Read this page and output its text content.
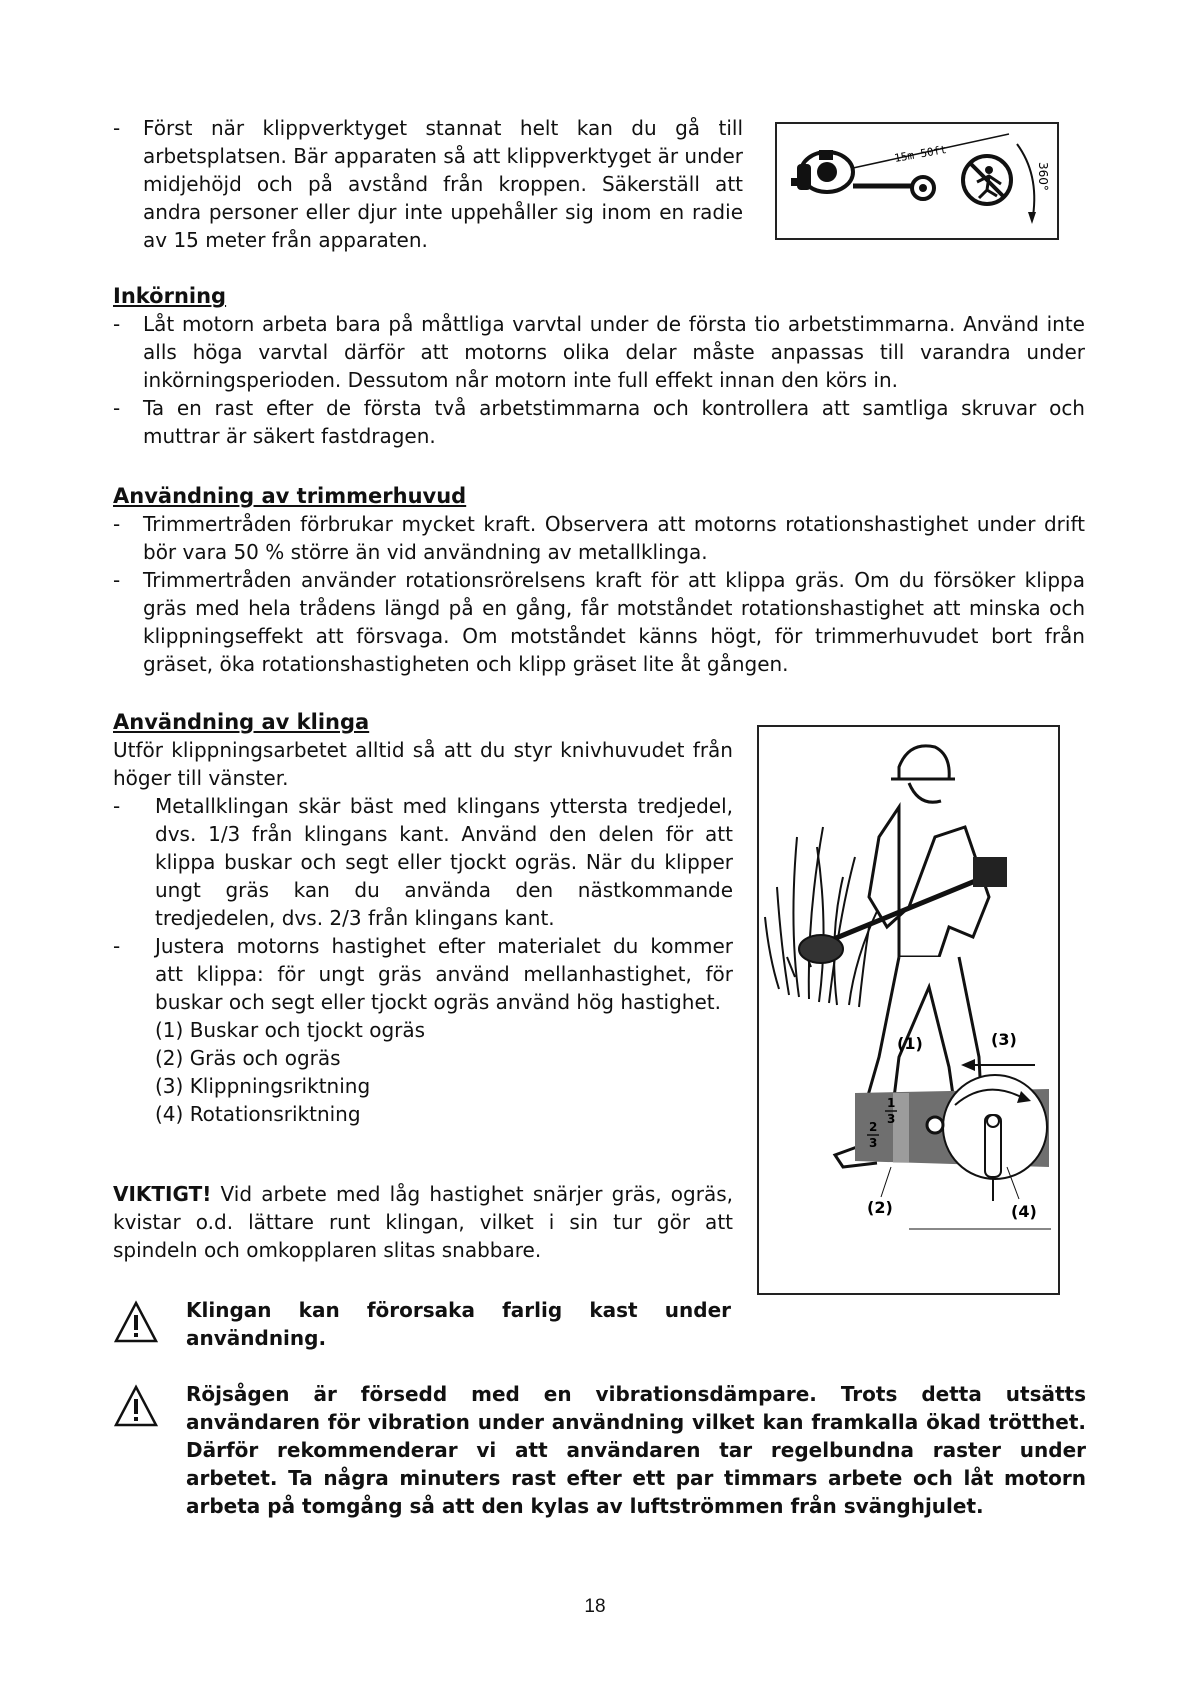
- Först när klippverktyget stannat helt kan du gå till arbetsplatsen. Bär apparaten så att klippverktyget är under midjehöjd och på avstånd från kroppen. Säkerställ att andra personer eller djur inte uppehåller sig inom en radie av 15 meter från apparaten.
15m 50ft
360°
Inkörning
- Låt motorn arbeta bara på måttliga varvtal under de första tio arbetstimmarna. Använd inte alls höga varvtal därför att motorns olika delar måste anpassas till varandra under inkörningsperioden. Dessutom når motorn inte full effekt innan den körs in.
- Ta en rast efter de första två arbetstimmarna och kontrollera att samtliga skruvar och muttrar är säkert fastdragen.
Användning av trimmerhuvud
- Trimmertråden förbrukar mycket kraft. Observera att motorns rotationshastighet under drift bör vara 50 % större än vid användning av metallklinga.
- Trimmertråden använder rotationsrörelsens kraft för att klippa gräs. Om du försöker klippa gräs med hela trådens längd på en gång, får motståndet rotationshastighet att minska och klippningseffekt att försvaga. Om motståndet känns högt, för trimmerhuvudet bort från gräset, öka rotationshastigheten och klipp gräset lite åt gången.
Användning av klinga

Utför klippningsarbetet alltid så att du styr knivhuvudet från höger till vänster.

- Metallklingan skär bäst med klingans yttersta tredjedel, dvs. 1/3 från klingans kant. Använd den delen för att klippa buskar och segt eller tjockt ogräs. När du klipper ungt gräs kan du använda den nästkommande tredjedelen, dvs. 2/3 från klingans kant.
- Justera motorns hastighet efter materialet du kommer att klippa: för ungt gräs använd mellanhastighet, för buskar och segt eller tjockt ogräs använd hög hastighet.
(1) Buskar och tjockt ogräs
(2) Gräs och ogräs
(3) Klippningsriktning
(4) Rotationsriktning
(1)	(3)
1
3
2
3
(2)	(4)

VIKTIGT! Vid arbete med låg hastighet snärjer gräs, ogräs, kvistar o.d. lättare runt klingan, vilket i sin tur gör att spindeln och omkopplaren slitas snabbare.

Klingan kan förorsaka farlig kast under användning.

Röjsågen är försedd med en vibrationsdämpare. Trots detta utsätts användaren för vibration under användning vilket kan framkalla ökad trötthet. Därför rekommenderar vi att användaren tar regelbundna raster under arbetet. Ta några minuters rast efter ett par timmars arbete och låt motorn arbeta på tomgång så att den kylas av luftströmmen från svänghjulet.

18
